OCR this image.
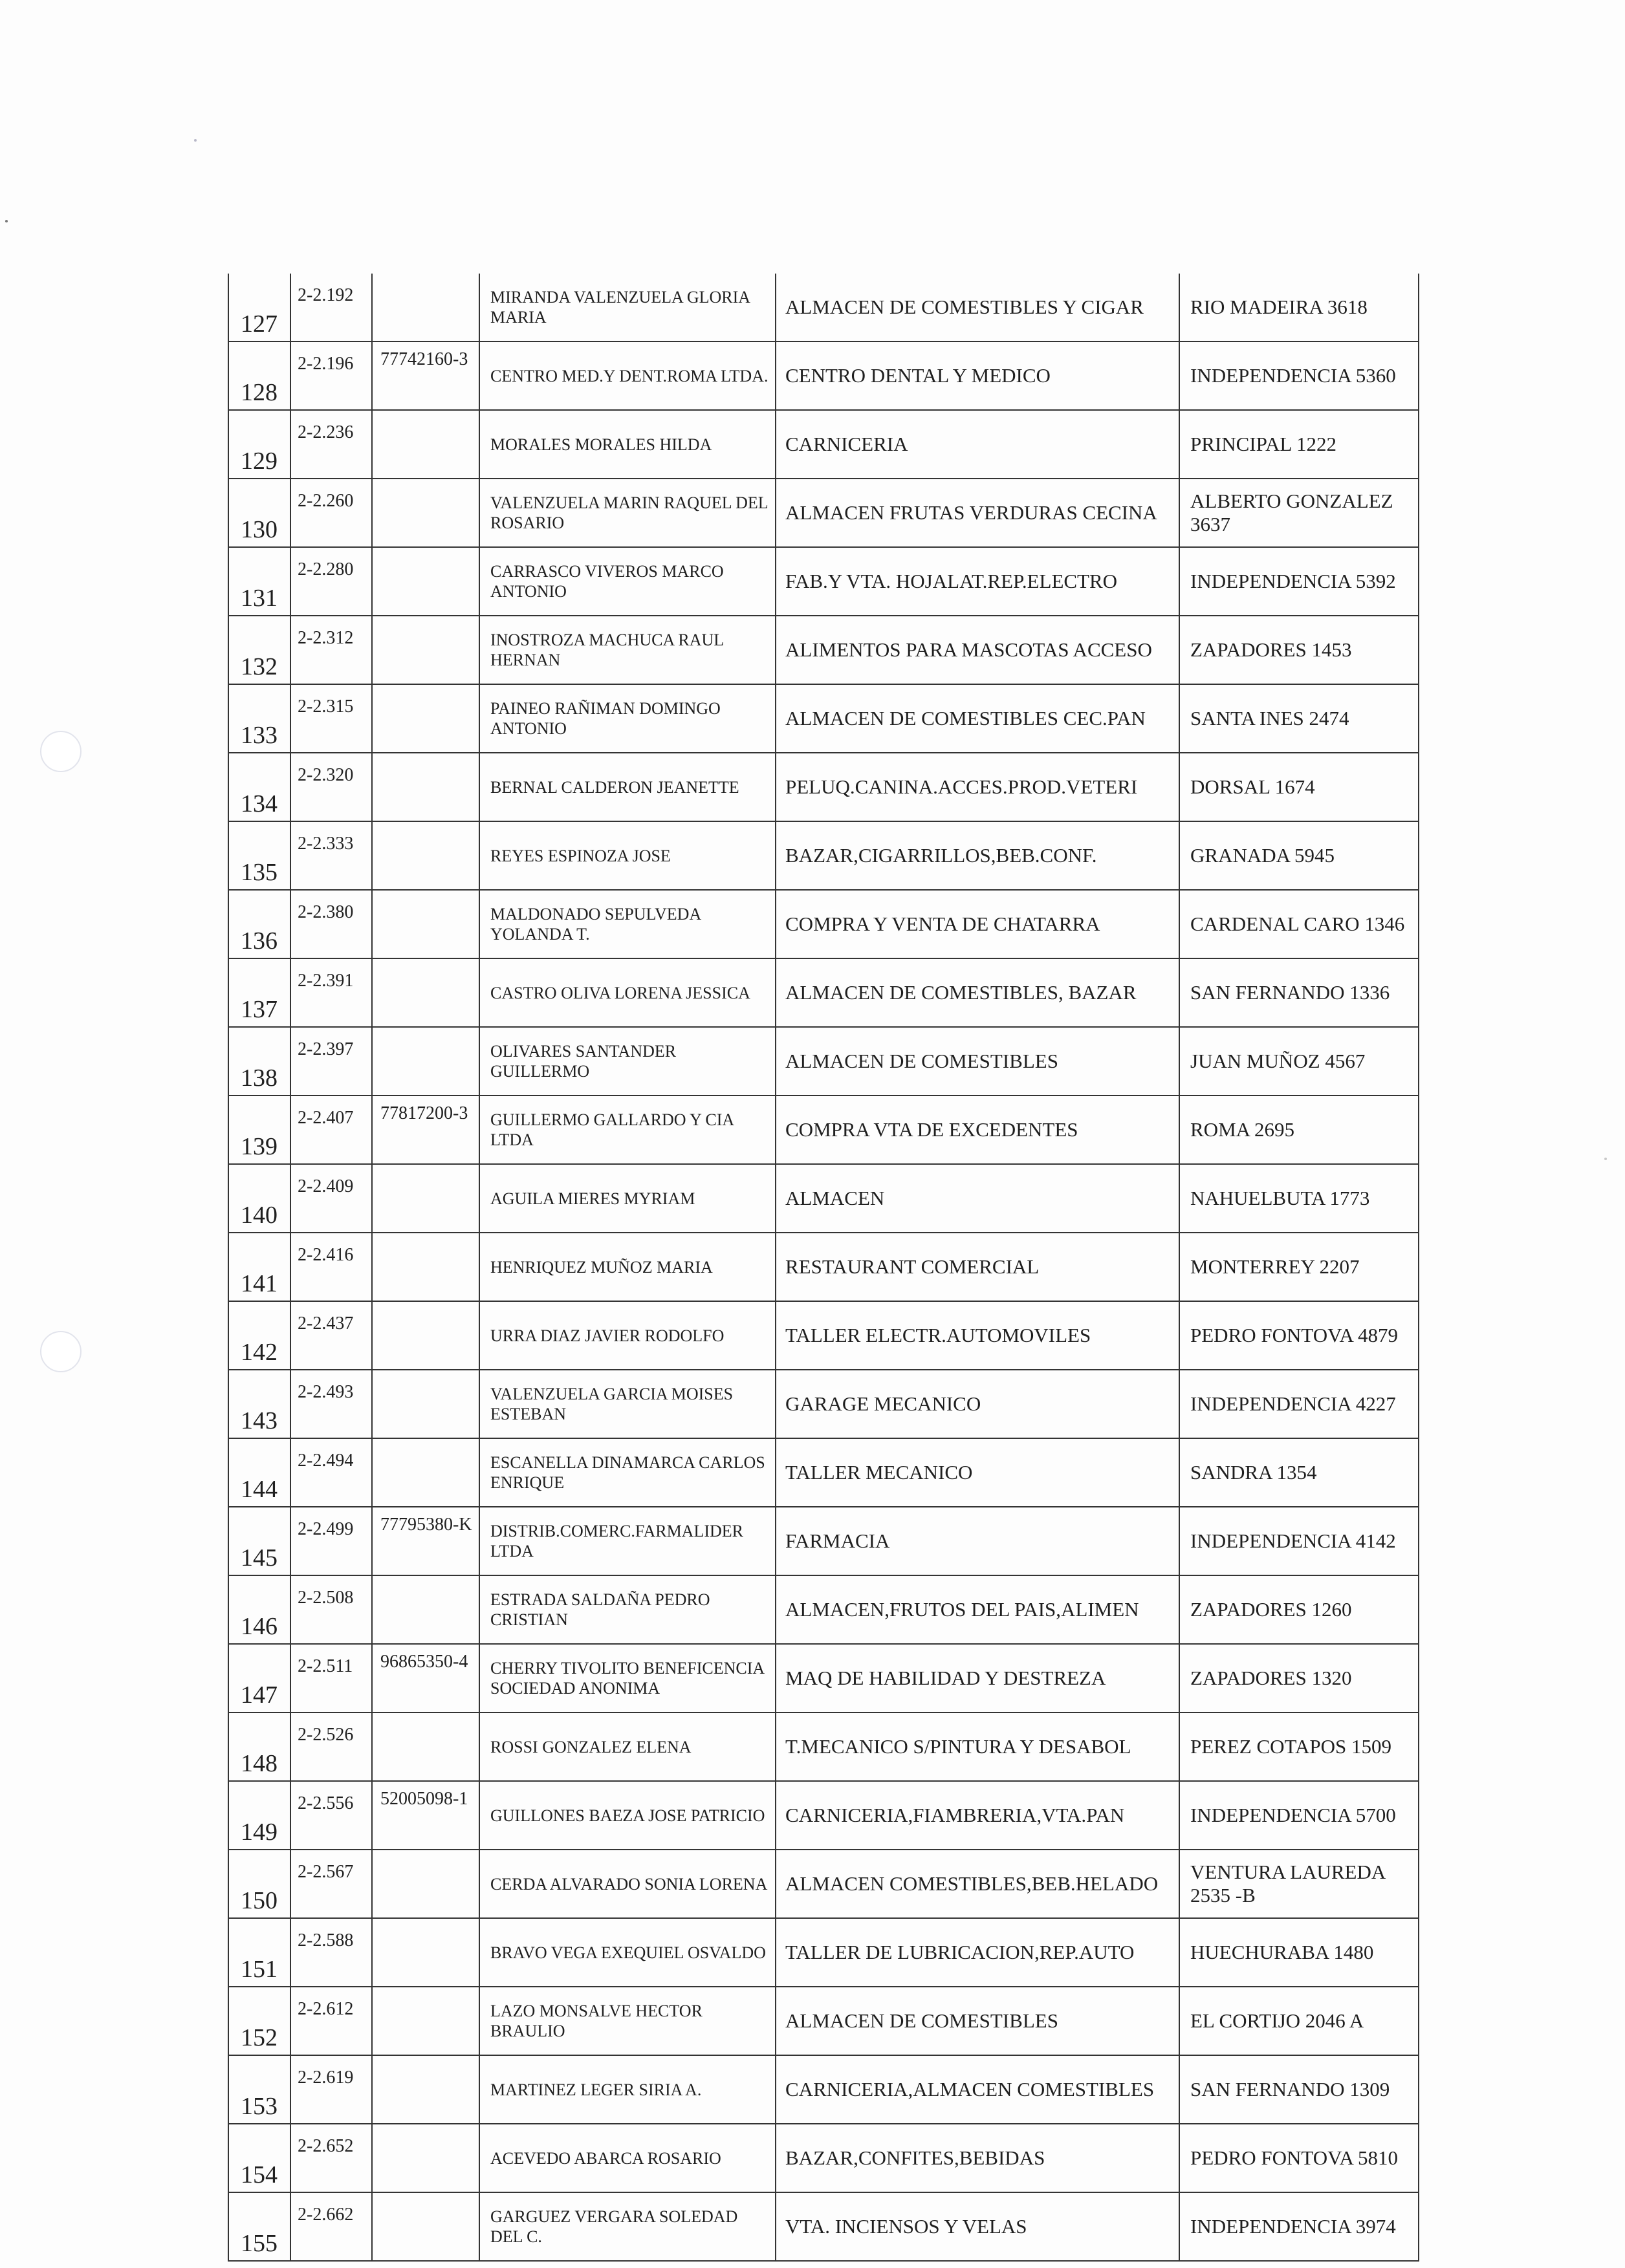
127	2-2.192		MIRANDA VALENZUELA GLORIA MARIA	ALMACEN DE COMESTIBLES Y CIGAR	RIO MADEIRA 3618
128	2-2.196	77742160-3	CENTRO MED.Y DENT.ROMA LTDA.	CENTRO DENTAL Y MEDICO	INDEPENDENCIA 5360
129	2-2.236		MORALES MORALES HILDA	CARNICERIA	PRINCIPAL 1222
130	2-2.260		VALENZUELA MARIN RAQUEL DEL ROSARIO	ALMACEN FRUTAS VERDURAS CECINA	ALBERTO GONZALEZ 3637
131	2-2.280		CARRASCO VIVEROS MARCO ANTONIO	FAB.Y VTA. HOJALAT.REP.ELECTRO	INDEPENDENCIA 5392
132	2-2.312		INOSTROZA MACHUCA RAUL HERNAN	ALIMENTOS PARA MASCOTAS ACCESO	ZAPADORES 1453
133	2-2.315		PAINEO RAÑIMAN DOMINGO ANTONIO	ALMACEN DE COMESTIBLES CEC.PAN	SANTA INES 2474
134	2-2.320		BERNAL CALDERON JEANETTE	PELUQ.CANINA.ACCES.PROD.VETERI	DORSAL 1674
135	2-2.333		REYES ESPINOZA JOSE	BAZAR,CIGARRILLOS,BEB.CONF.	GRANADA 5945
136	2-2.380		MALDONADO SEPULVEDA YOLANDA T.	COMPRA Y VENTA DE CHATARRA	CARDENAL CARO 1346
137	2-2.391		CASTRO OLIVA LORENA JESSICA	ALMACEN DE COMESTIBLES, BAZAR	SAN FERNANDO 1336
138	2-2.397		OLIVARES SANTANDER GUILLERMO	ALMACEN DE COMESTIBLES	JUAN MUÑOZ 4567
139	2-2.407	77817200-3	GUILLERMO GALLARDO Y CIA LTDA	COMPRA VTA DE EXCEDENTES	ROMA 2695
140	2-2.409		AGUILA MIERES MYRIAM	ALMACEN	NAHUELBUTA 1773
141	2-2.416		HENRIQUEZ MUÑOZ MARIA	RESTAURANT COMERCIAL	MONTERREY 2207
142	2-2.437		URRA DIAZ JAVIER RODOLFO	TALLER ELECTR.AUTOMOVILES	PEDRO FONTOVA 4879
143	2-2.493		VALENZUELA GARCIA MOISES ESTEBAN	GARAGE MECANICO	INDEPENDENCIA 4227
144	2-2.494		ESCANELLA DINAMARCA CARLOS ENRIQUE	TALLER MECANICO	SANDRA 1354
145	2-2.499	77795380-K	DISTRIB.COMERC.FARMALIDER LTDA	FARMACIA	INDEPENDENCIA 4142
146	2-2.508		ESTRADA SALDAÑA PEDRO CRISTIAN	ALMACEN,FRUTOS DEL PAIS,ALIMEN	ZAPADORES 1260
147	2-2.511	96865350-4	CHERRY TIVOLITO BENEFICENCIA SOCIEDAD ANONIMA	MAQ DE HABILIDAD Y DESTREZA	ZAPADORES 1320
148	2-2.526		ROSSI GONZALEZ ELENA	T.MECANICO S/PINTURA Y DESABOL	PEREZ COTAPOS 1509
149	2-2.556	52005098-1	GUILLONES BAEZA JOSE PATRICIO	CARNICERIA,FIAMBRERIA,VTA.PAN	INDEPENDENCIA 5700
150	2-2.567		CERDA ALVARADO SONIA LORENA	ALMACEN COMESTIBLES,BEB.HELADO	VENTURA LAUREDA 2535 -B
151	2-2.588		BRAVO VEGA EXEQUIEL OSVALDO	TALLER DE LUBRICACION,REP.AUTO	HUECHURABA 1480
152	2-2.612		LAZO MONSALVE HECTOR BRAULIO	ALMACEN DE COMESTIBLES	EL CORTIJO 2046 A
153	2-2.619		MARTINEZ LEGER SIRIA A.	CARNICERIA,ALMACEN COMESTIBLES	SAN FERNANDO 1309
154	2-2.652		ACEVEDO ABARCA ROSARIO	BAZAR,CONFITES,BEBIDAS	PEDRO FONTOVA 5810
155	2-2.662		GARGUEZ VERGARA SOLEDAD DEL C.	VTA. INCIENSOS Y VELAS	INDEPENDENCIA 3974
